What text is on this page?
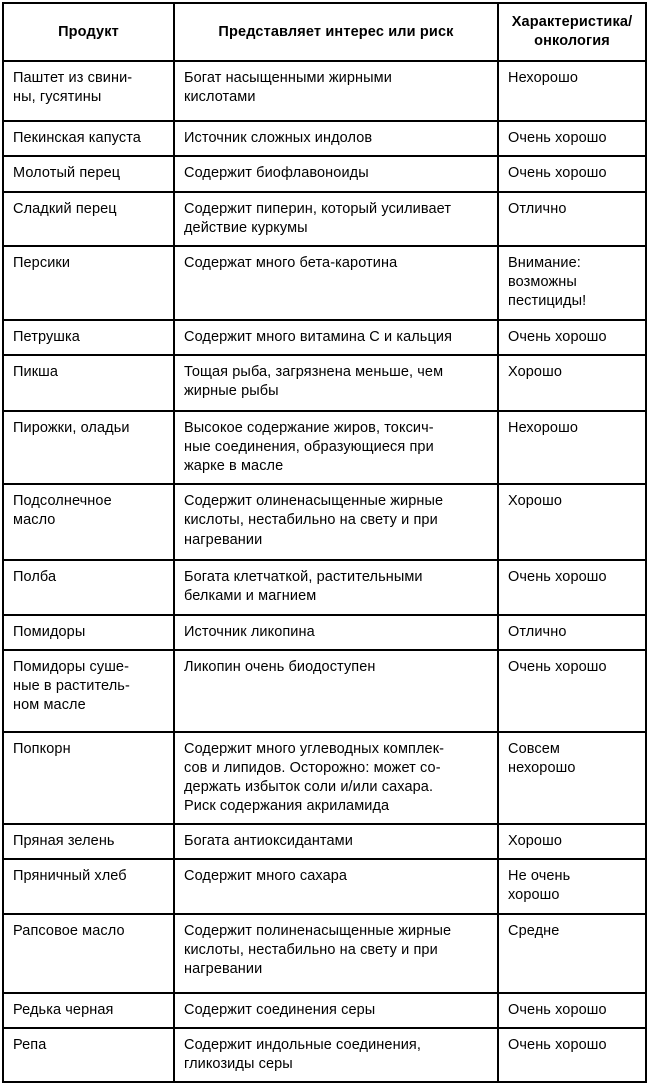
Продукт	Представляет интерес или риск	Характеристика/
онкология

Паштет из свини-
ны, гусятины	Богат насыщенными жирными
кислотами	Нехорошо

Пекинская капуста	Источник сложных индолов	Очень хорошо

Молотый перец	Содержит биофлавоноиды	Очень хорошо

Сладкий перец	Содержит пиперин, который усиливает
действие куркумы	Отлично

Персики	Содержат много бета-каротина	Внимание:
возможны
пестициды!

Петрушка	Содержит много витамина С и кальция	Очень хорошо

Пикша	Тощая рыба, загрязнена меньше, чем
жирные рыбы	Хорошо

Пирожки, оладьи	Высокое содержание жиров, токсич-
ные соединения, образующиеся при
жарке в масле	Нехорошо

Подсолнечное
масло	Содержит олиненасыщенные жирные
кислоты, нестабильно на свету и при
нагревании	Хорошо

Полба	Богата клетчаткой, растительными
белками и магнием	Очень хорошо

Помидоры	Источник ликопина	Отлично

Помидоры суше-
ные в раститель-
ном масле	Ликопин очень биодоступен	Очень хорошо

Попкорн	Содержит много углеводных комплек-
сов и липидов. Осторожно: может со-
держать избыток соли и/или сахара.
Риск содержания акриламида	Совсем
нехорошо

Пряная зелень	Богата антиоксидантами	Хорошо

Пряничный хлеб	Содержит много сахара	Не очень
хорошо

Рапсовое масло	Содержит полиненасыщенные жирные
кислоты, нестабильно на свету и при
нагревании	Средне

Редька черная	Содержит соединения серы	Очень хорошо

Репа	Содержит индольные соединения,
гликозиды серы	Очень хорошо
